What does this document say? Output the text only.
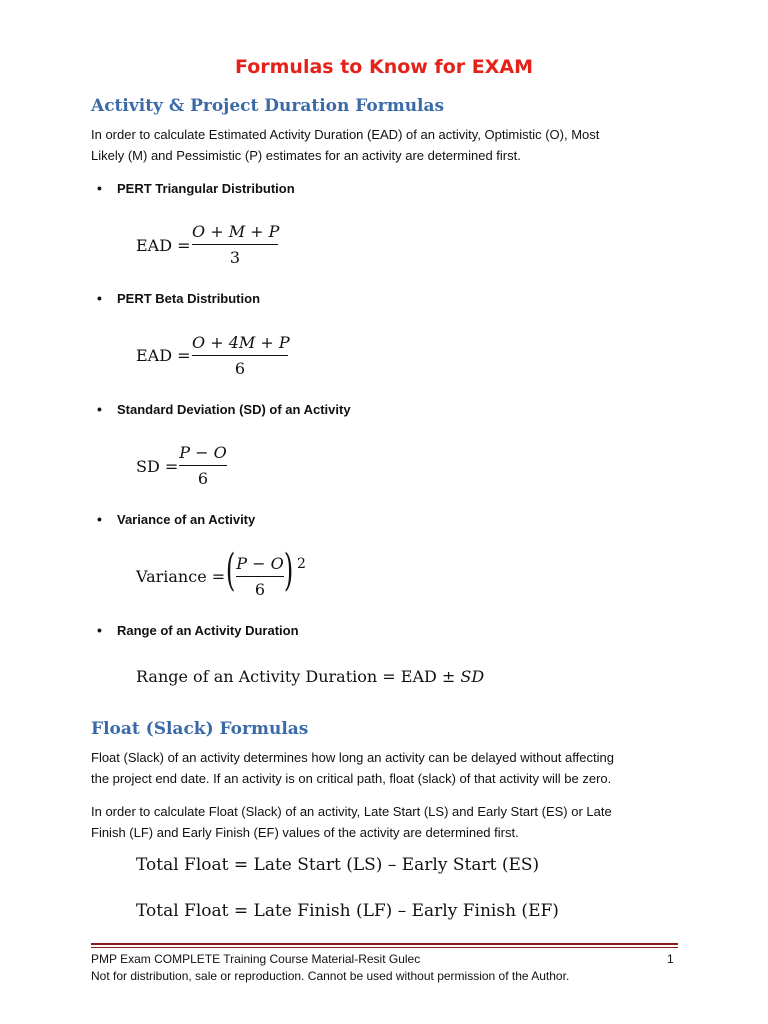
Formulas to Know for EXAM
Activity & Project Duration Formulas
In order to calculate Estimated Activity Duration (EAD) of an activity, Optimistic (O), Most
Likely (M) and Pessimistic (P) estimates for an activity are determined first.
• PERT Triangular Distribution
EAD =
O + M + P
3
• PERT Beta Distribution
EAD =
O + 4M + P
6
• Standard Deviation (SD) of an Activity
SD =
P − O
6
• Variance of an Activity
Variance = ( P − O
6 ) 2
• Range of an Activity Duration
Range of an Activity Duration = EAD ± SD
Float (Slack) Formulas
Float (Slack) of an activity determines how long an activity can be delayed without affecting
the project end date. If an activity is on critical path, float (slack) of that activity will be zero.
In order to calculate Float (Slack) of an activity, Late Start (LS) and Early Start (ES) or Late
Finish (LF) and Early Finish (EF) values of the activity are determined first.
Total Float = Late Start (LS) – Early Start (ES)
Total Float = Late Finish (LF) – Early Finish (EF)
PMP Exam COMPLETE Training Course Material-Resit Gulec	1
Not for distribution, sale or reproduction. Cannot be used without permission of the Author.
